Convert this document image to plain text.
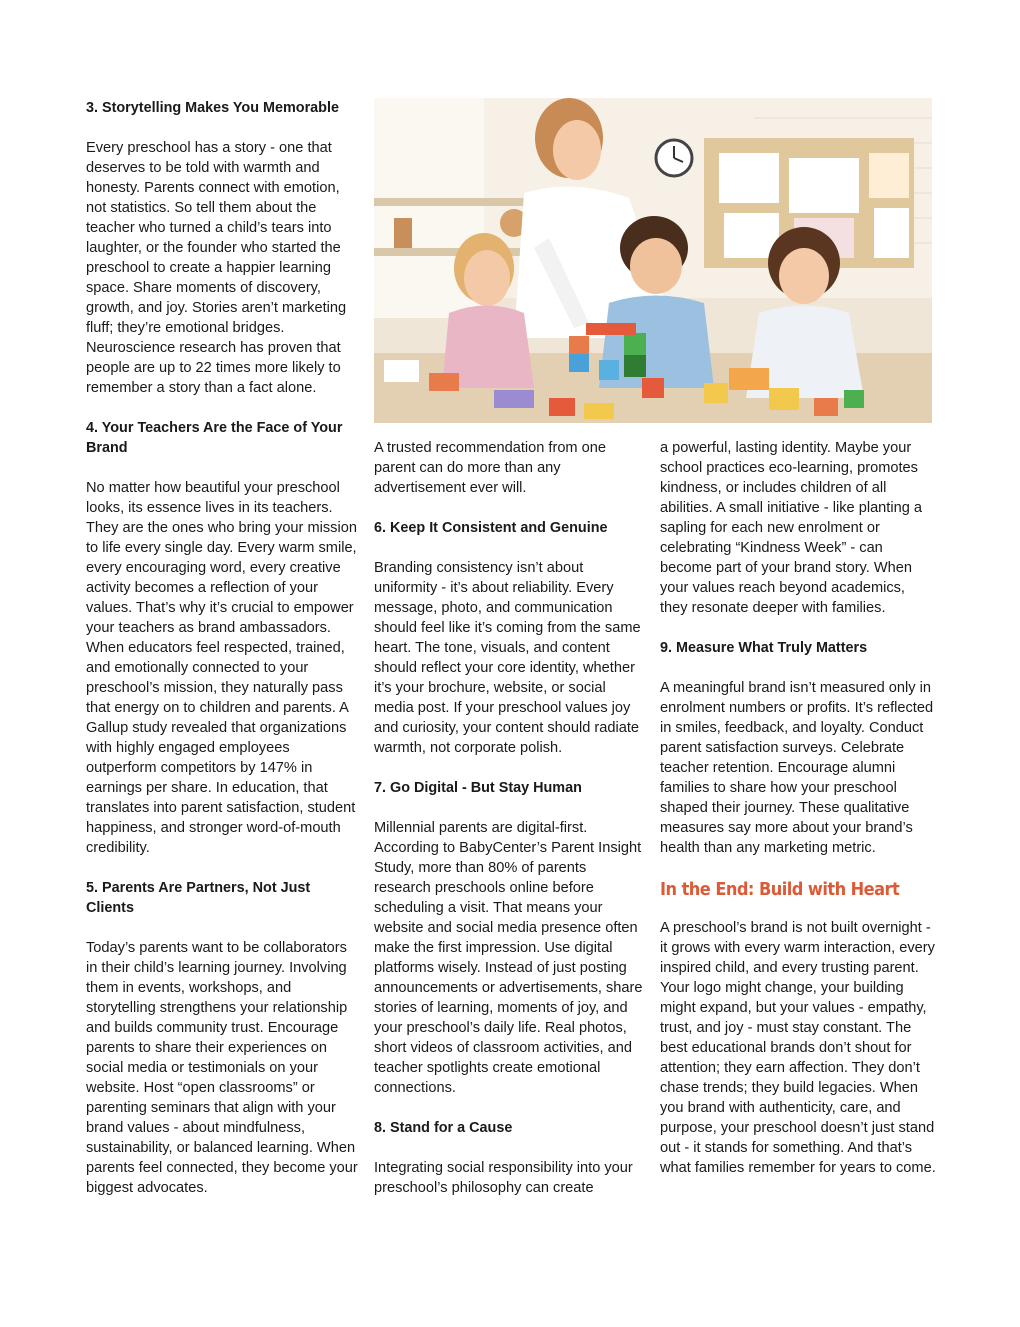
3. Storytelling Makes You Memorable

Every preschool has a story - one that deserves to be told with warmth and honesty. Parents connect with emotion, not statistics. So tell them about the teacher who turned a child’s tears into laughter, or the founder who started the preschool to create a happier learning space. Share moments of discovery, growth, and joy. Stories aren’t marketing fluff; they’re emotional bridges. Neuroscience research has proven that people are up to 22 times more likely to remember a story than a fact alone.

4. Your Teachers Are the Face of Your Brand

No matter how beautiful your preschool looks, its essence lives in its teachers. They are the ones who bring your mission to life every single day. Every warm smile, every encouraging word, every creative activity becomes a reflection of your values. That’s why it’s crucial to empower your teachers as brand ambassadors. When educators feel respected, trained, and emotionally connected to your preschool’s mission, they naturally pass that energy on to children and parents. A Gallup study revealed that organizations with highly engaged employees outperform competitors by 147% in earnings per share. In education, that translates into parent satisfaction, student happiness, and stronger word-of-mouth credibility.

5. Parents Are Partners, Not Just Clients

Today’s parents want to be collaborators in their child’s learning journey. Involving them in events, workshops, and storytelling strengthens your relationship and builds community trust. Encourage parents to share their experiences on social media or testimonials on your website. Host “open classrooms” or parenting seminars that align with your brand values - about mindfulness, sustainability, or balanced learning. When parents feel connected, they become your biggest advocates.

A trusted recommendation from one parent can do more than any advertisement ever will.

6. Keep It Consistent and Genuine

Branding consistency isn’t about uniformity - it’s about reliability. Every message, photo, and communication should feel like it’s coming from the same heart. The tone, visuals, and content should reflect your core identity, whether it’s your brochure, website, or social media post. If your preschool values joy and curiosity, your content should radiate warmth, not corporate polish.

7. Go Digital - But Stay Human

Millennial parents are digital-first. According to BabyCenter’s Parent Insight Study, more than 80% of parents research preschools online before scheduling a visit. That means your website and social media presence often make the first impression. Use digital platforms wisely. Instead of just posting announcements or advertisements, share stories of learning, moments of joy, and your preschool’s daily life. Real photos, short videos of classroom activities, and teacher spotlights create emotional connections.

8. Stand for a Cause

Integrating social responsibility into your preschool’s philosophy can create

a powerful, lasting identity. Maybe your school practices eco-learning, promotes kindness, or includes children of all abilities. A small initiative - like planting a sapling for each new enrolment or celebrating “Kindness Week” - can become part of your brand story. When your values reach beyond academics, they resonate deeper with families.

9. Measure What Truly Matters

A meaningful brand isn’t measured only in enrolment numbers or profits. It’s reflected in smiles, feedback, and loyalty. Conduct parent satisfaction surveys. Celebrate teacher retention. Encourage alumni families to share how your preschool shaped their journey. These qualitative measures say more about your brand’s health than any marketing metric.

In the End: Build with Heart

A preschool’s brand is not built overnight - it grows with every warm interaction, every inspired child, and every trusting parent. Your logo might change, your building might expand, but your values - empathy, trust, and joy - must stay constant. The best educational brands don’t shout for attention; they earn affection. They don’t chase trends; they build legacies. When you brand with authenticity, care, and purpose, your preschool doesn’t just stand out - it stands for something. And that’s what families remember for years to come.
